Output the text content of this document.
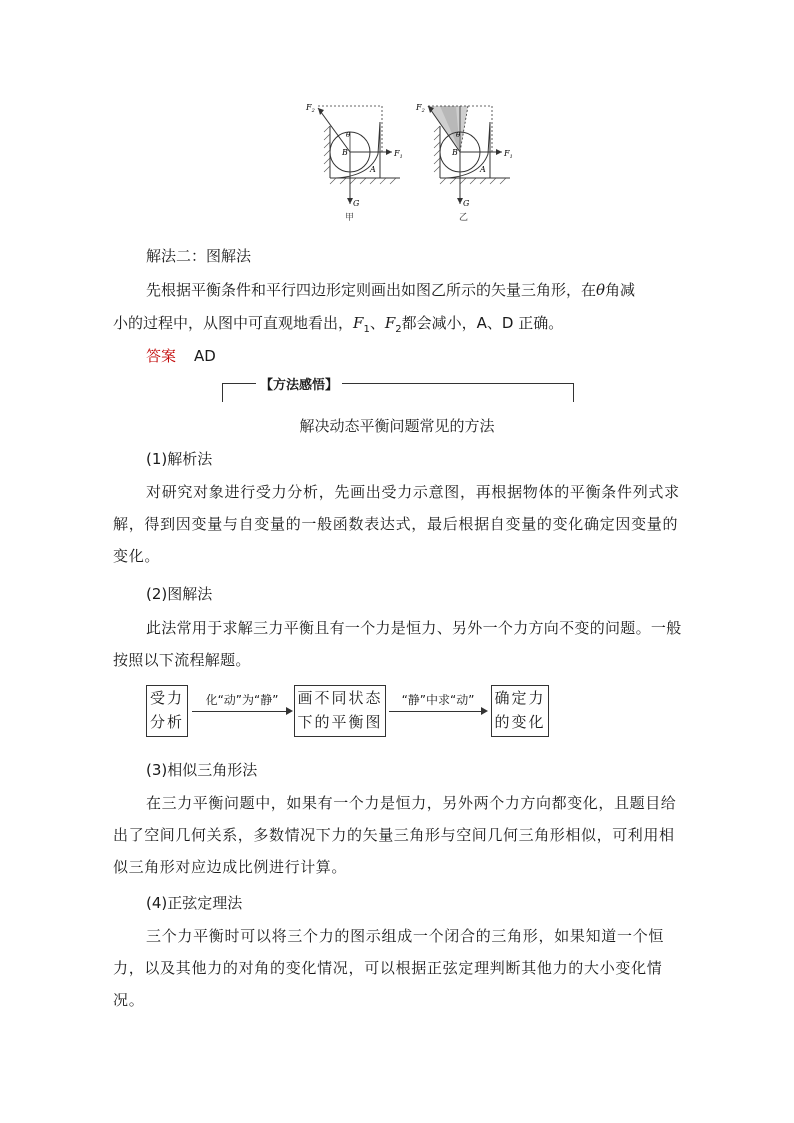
$F_2$
$F_1$
θ
B
A
G
甲
$F_2$
$F_1$
θ
B
A
G
乙
解法二：图解法
先根据平衡条件和平行四边形定则画出如图乙所示的矢量三角形，在θ角减
小的过程中，从图中可直观地看出，$F_1$、$F_2$都会减小，A、D 正确。
答案 AD
【方法感悟】
解决动态平衡问题常见的方法
(1)解析法
对研究对象进行受力分析，先画出受力示意图，再根据物体的平衡条件列式求解，得到因变量与自变量的一般函数表达式，最后根据自变量的变化确定因变量的变化。
(2)图解法
此法常用于求解三力平衡且有一个力是恒力、另外一个力方向不变的问题。一般按照以下流程解题。
受力
分析
化“动”为“静”	画不同状态
下的平衡图
“静”中求“动”	确定力
的变化
(3)相似三角形法
在三力平衡问题中，如果有一个力是恒力，另外两个力方向都变化，且题目给出了空间几何关系，多数情况下力的矢量三角形与空间几何三角形相似，可利用相似三角形对应边成比例进行计算。
(4)正弦定理法
三个力平衡时可以将三个力的图示组成一个闭合的三角形，如果知道一个恒力，以及其他力的对角的变化情况，可以根据正弦定理判断其他力的大小变化情况。
